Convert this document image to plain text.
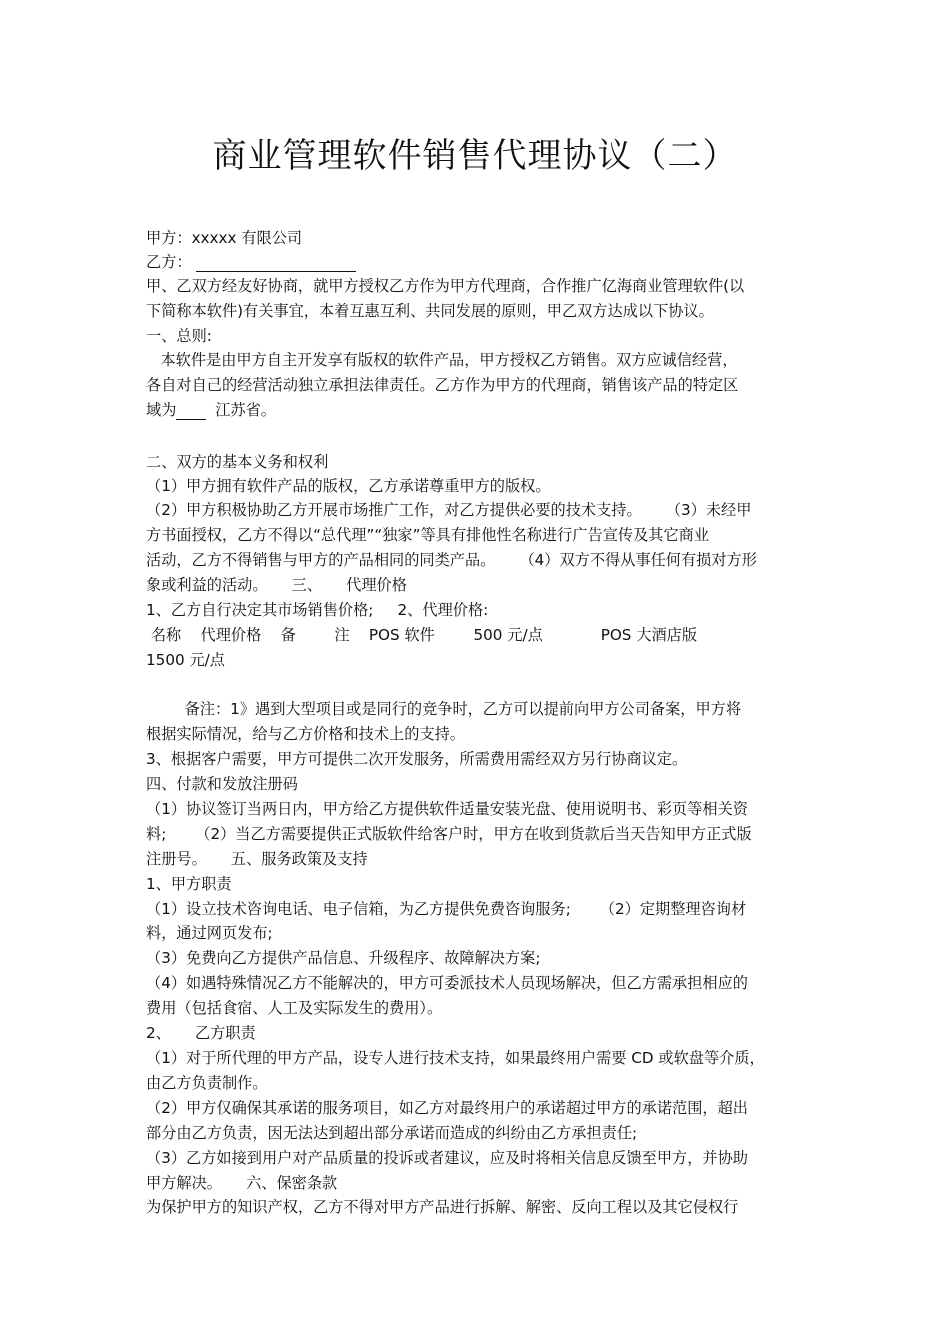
商业管理软件销售代理协议（二）
甲方：xxxxx 有限公司
乙方：
甲、乙双方经友好协商，就甲方授权乙方作为甲方代理商，合作推广亿海商业管理软件(以
下简称本软件)有关事宜，本着互惠互利、共同发展的原则，甲乙双方达成以下协议。
一、总则:
本软件是由甲方自主开发享有版权的软件产品，甲方授权乙方销售。双方应诚信经营，
各自对自己的经营活动独立承担法律责任。乙方作为甲方的代理商，销售该产品的特定区
域为 江苏省。
二、双方的基本义务和权利
（1）甲方拥有软件产品的版权，乙方承诺尊重甲方的版权。
（2）甲方积极协助乙方开展市场推广工作，对乙方提供必要的技术支持。     （3）未经甲
方书面授权，乙方不得以“总代理”“独家”等具有排他性名称进行广告宣传及其它商业
活动，乙方不得销售与甲方的产品相同的同类产品。     （4）双方不得从事任何有损对方形
象或利益的活动。     三、     代理价格
1、乙方自行决定其市场销售价格;     2、代理价格:
名称    代理价格    备        注    POS 软件        500 元/点            POS 大酒店版
1500 元/点
备注：1》遇到大型项目或是同行的竞争时，乙方可以提前向甲方公司备案，甲方将
根据实际情况，给与乙方价格和技术上的支持。
3、根据客户需要，甲方可提供二次开发服务，所需费用需经双方另行协商议定。
四、付款和发放注册码
（1）协议签订当两日内，甲方给乙方提供软件适量安装光盘、使用说明书、彩页等相关资
料;      （2）当乙方需要提供正式版软件给客户时，甲方在收到货款后当天告知甲方正式版
注册号。     五、服务政策及支持
1、甲方职责
（1）设立技术咨询电话、电子信箱，为乙方提供免费咨询服务;      （2）定期整理咨询材
料，通过网页发布;
（3）免费向乙方提供产品信息、升级程序、故障解决方案;
（4）如遇特殊情况乙方不能解决的，甲方可委派技术人员现场解决，但乙方需承担相应的
费用（包括食宿、人工及实际发生的费用）。
2、     乙方职责
（1）对于所代理的甲方产品，设专人进行技术支持，如果最终用户需要 CD 或软盘等介质，
由乙方负责制作。
（2）甲方仅确保其承诺的服务项目，如乙方对最终用户的承诺超过甲方的承诺范围，超出
部分由乙方负责，因无法达到超出部分承诺而造成的纠纷由乙方承担责任;
（3）乙方如接到用户对产品质量的投诉或者建议，应及时将相关信息反馈至甲方，并协助
甲方解决。     六、保密条款
为保护甲方的知识产权，乙方不得对甲方产品进行拆解、解密、反向工程以及其它侵权行
